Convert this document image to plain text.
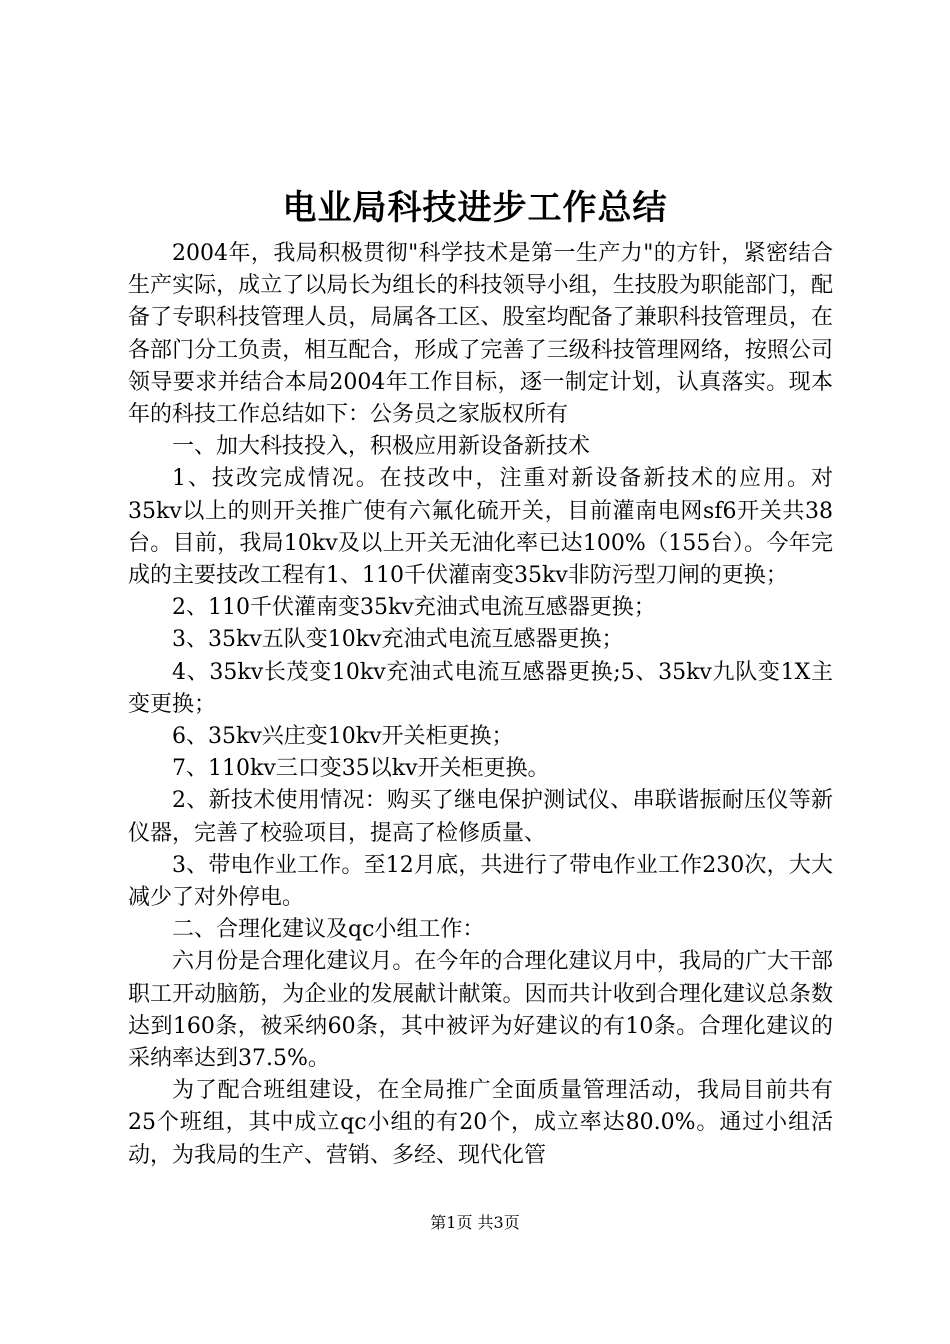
电业局科技进步工作总结

2004年，我局积极贯彻"科学技术是第一生产力"的方针，紧密结合生产实际，成立了以局长为组长的科技领导小组，生技股为职能部门，配备了专职科技管理人员，局属各工区、股室均配备了兼职科技管理员，在各部门分工负责，相互配合，形成了完善了三级科技管理网络，按照公司领导要求并结合本局2004年工作目标，逐一制定计划，认真落实。现本年的科技工作总结如下：公务员之家版权所有

一、加大科技投入，积极应用新设备新技术

1、技改完成情况。在技改中，注重对新设备新技术的应用。对35kv以上的则开关推广使有六氟化硫开关，目前灌南电网sf6开关共38台。目前，我局10kv及以上开关无油化率已达100%（155台）。今年完成的主要技改工程有1、110千伏灌南变35kv非防污型刀闸的更换；

2、110千伏灌南变35kv充油式电流互感器更换；

3、35kv五队变10kv充油式电流互感器更换；

4、35kv长茂变10kv充油式电流互感器更换;5、35kv九队变1X主变更换；

6、35kv兴庄变10kv开关柜更换；

7、110kv三口变35以kv开关柜更换。

2、新技术使用情况：购买了继电保护测试仪、串联谐振耐压仪等新仪器，完善了校验项目，提高了检修质量、

3、带电作业工作。至12月底，共进行了带电作业工作230次，大大减少了对外停电。

二、合理化建议及qc小组工作：

六月份是合理化建议月。在今年的合理化建议月中，我局的广大干部职工开动脑筋，为企业的发展献计献策。因而共计收到合理化建议总条数达到160条，被采纳60条，其中被评为好建议的有10条。合理化建议的采纳率达到37.5%。

为了配合班组建设，在全局推广全面质量管理活动，我局目前共有25个班组，其中成立qc小组的有20个，成立率达80.0%。通过小组活动，为我局的生产、营销、多经、现代化管

第1页 共3页
